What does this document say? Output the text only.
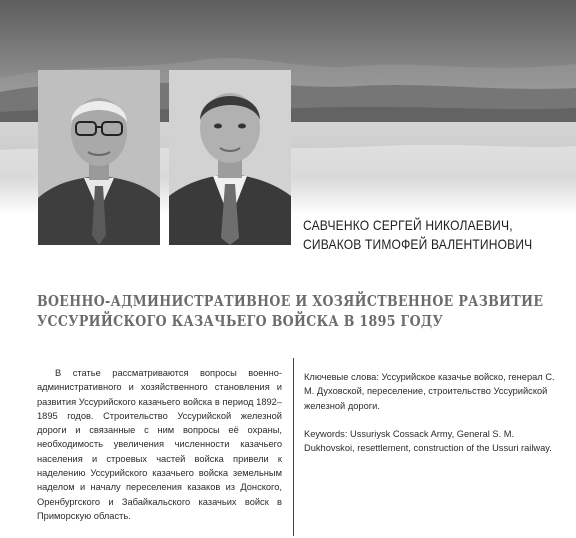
САВЧЕНКО СЕРГЕЙ НИКОЛАЕВИЧ,
СИВАКОВ ТИМОФЕЙ ВАЛЕНТИНОВИЧ
ВОЕННО-АДМИНИСТРАТИВНОЕ И ХОЗЯЙСТВЕННОЕ РАЗВИТИЕ
УССУРИЙСКОГО КАЗАЧЬЕГО ВОЙСКА В 1895 ГОДУ

В статье рассматриваются вопросы военно-административного и хозяйственного становления и развития Уссурийского казачьего войска в период 1892–1895 годов. Строительство Уссурийской железной дороги и связанные с ним вопросы её охраны, необходимость увеличения численности казачьего населения и строевых частей войска привели к наделению Уссурийского казачьего войска земельным наделом и началу переселения казаков из Донского, Оренбургского и Забайкальского казачьих войск в Приморскую область.

Ключевые слова: Уссурийское казачье войско, генерал С. М. Духовской, переселение, строительство Уссурийской железной дороги.

Keywords: Ussuriysk Cossack Army, General S. M. Dukhovskoi, resettlement, construction of the Ussuri railway.
